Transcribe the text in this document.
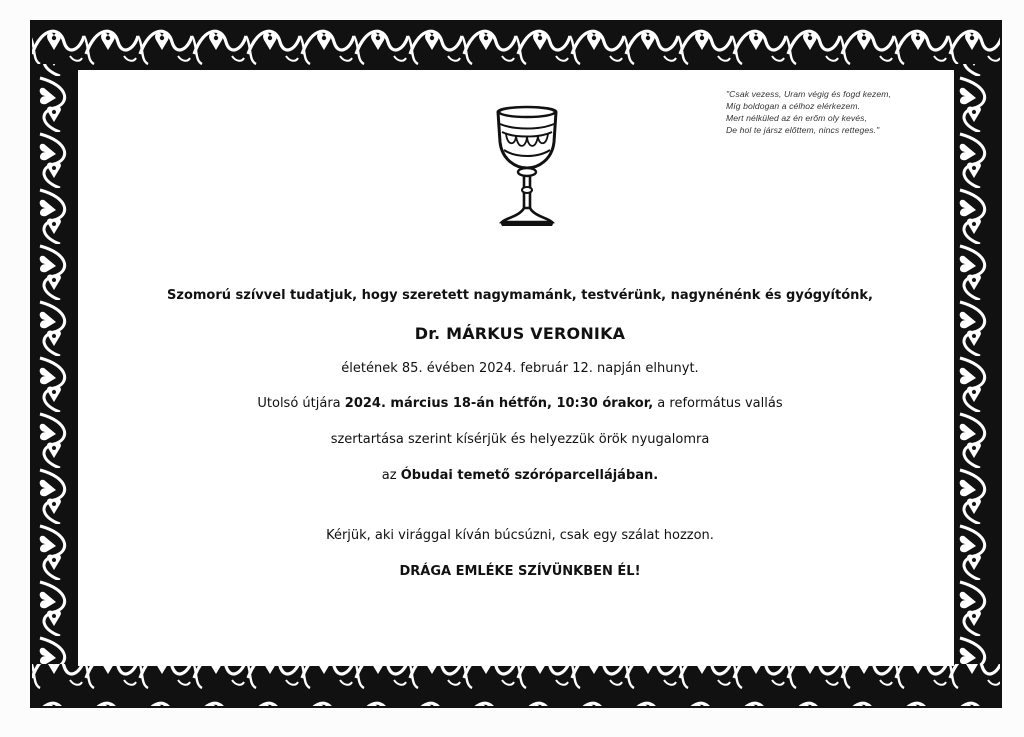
"Csak vezess, Uram végig és fogd kezem,
Míg boldogan a célhoz elérkezem.
Mert nélküled az én erőm oly kevés,
De hol te jársz előttem, nincs retteges."
Szomorú szívvel tudatjuk, hogy szeretett nagymamánk, testvérünk, nagynénénk és gyógyítónk,
Dr. MÁRKUS VERONIKA
életének 85. évében 2024. február 12. napján elhunyt.
Utolsó útjára 2024. március 18-án hétfőn, 10:30 órakor, a református vallás
szertartása szerint kísérjük és helyezzük örök nyugalomra
az Óbudai temető szóróparcellájában.
Kérjük, aki virággal kíván búcsúzni, csak egy szálat hozzon.
DRÁGA EMLÉKE SZÍVÜNKBEN ÉL!
